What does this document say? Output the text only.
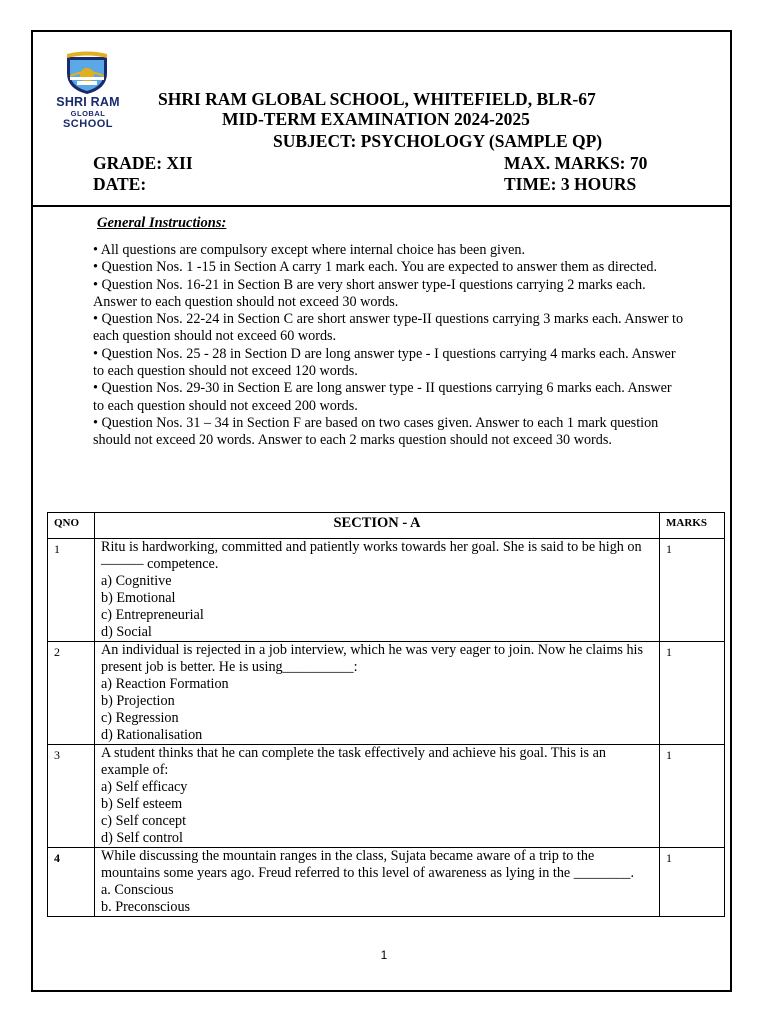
SHRI RAM
GLOBAL
SCHOOL
SHRI RAM GLOBAL SCHOOL, WHITEFIELD, BLR-67
MID-TERM EXAMINATION 2024-2025
SUBJECT: PSYCHOLOGY (SAMPLE QP)
GRADE: XII	MAX. MARKS: 70
DATE:	TIME: 3 HOURS
General Instructions:
• All questions are compulsory except where internal choice has been given.
• Question Nos. 1 -15 in Section A carry 1 mark each. You are expected to answer them as directed.
• Question Nos. 16-21 in Section B are very short answer type-I questions carrying 2 marks each. Answer to each question should not exceed 30 words.
• Question Nos. 22-24 in Section C are short answer type-II questions carrying 3 marks each. Answer to each question should not exceed 60 words.
• Question Nos. 25 - 28 in Section D are long answer type - I questions carrying 4 marks each. Answer to each question should not exceed 120 words.
• Question Nos. 29-30 in Section E are long answer type - II questions carrying 6 marks each. Answer to each question should not exceed 200 words.
• Question Nos. 31 – 34 in Section F are based on two cases given. Answer to each 1 mark question should not exceed 20 words. Answer to each 2 marks question should not exceed 30 words.
QNO	SECTION - A	MARKS
1	Ritu is hardworking, committed and patiently works towards her goal. She is said to be high on ——— competence.
a) Cognitive
b) Emotional
c) Entrepreneurial
d) Social	1
2	An individual is rejected in a job interview, which he was very eager to join. Now he claims his present job is better. He is using__________:
a) Reaction Formation
b) Projection
c) Regression
d) Rationalisation	1
3	A student thinks that he can complete the task effectively and achieve his goal. This is an example of:
a) Self efficacy
b) Self esteem
c) Self concept
d) Self control	1
4	While discussing the mountain ranges in the class, Sujata became aware of a trip to the mountains some years ago. Freud referred to this level of awareness as lying in the ________.
a. Conscious
b. Preconscious	1
1
